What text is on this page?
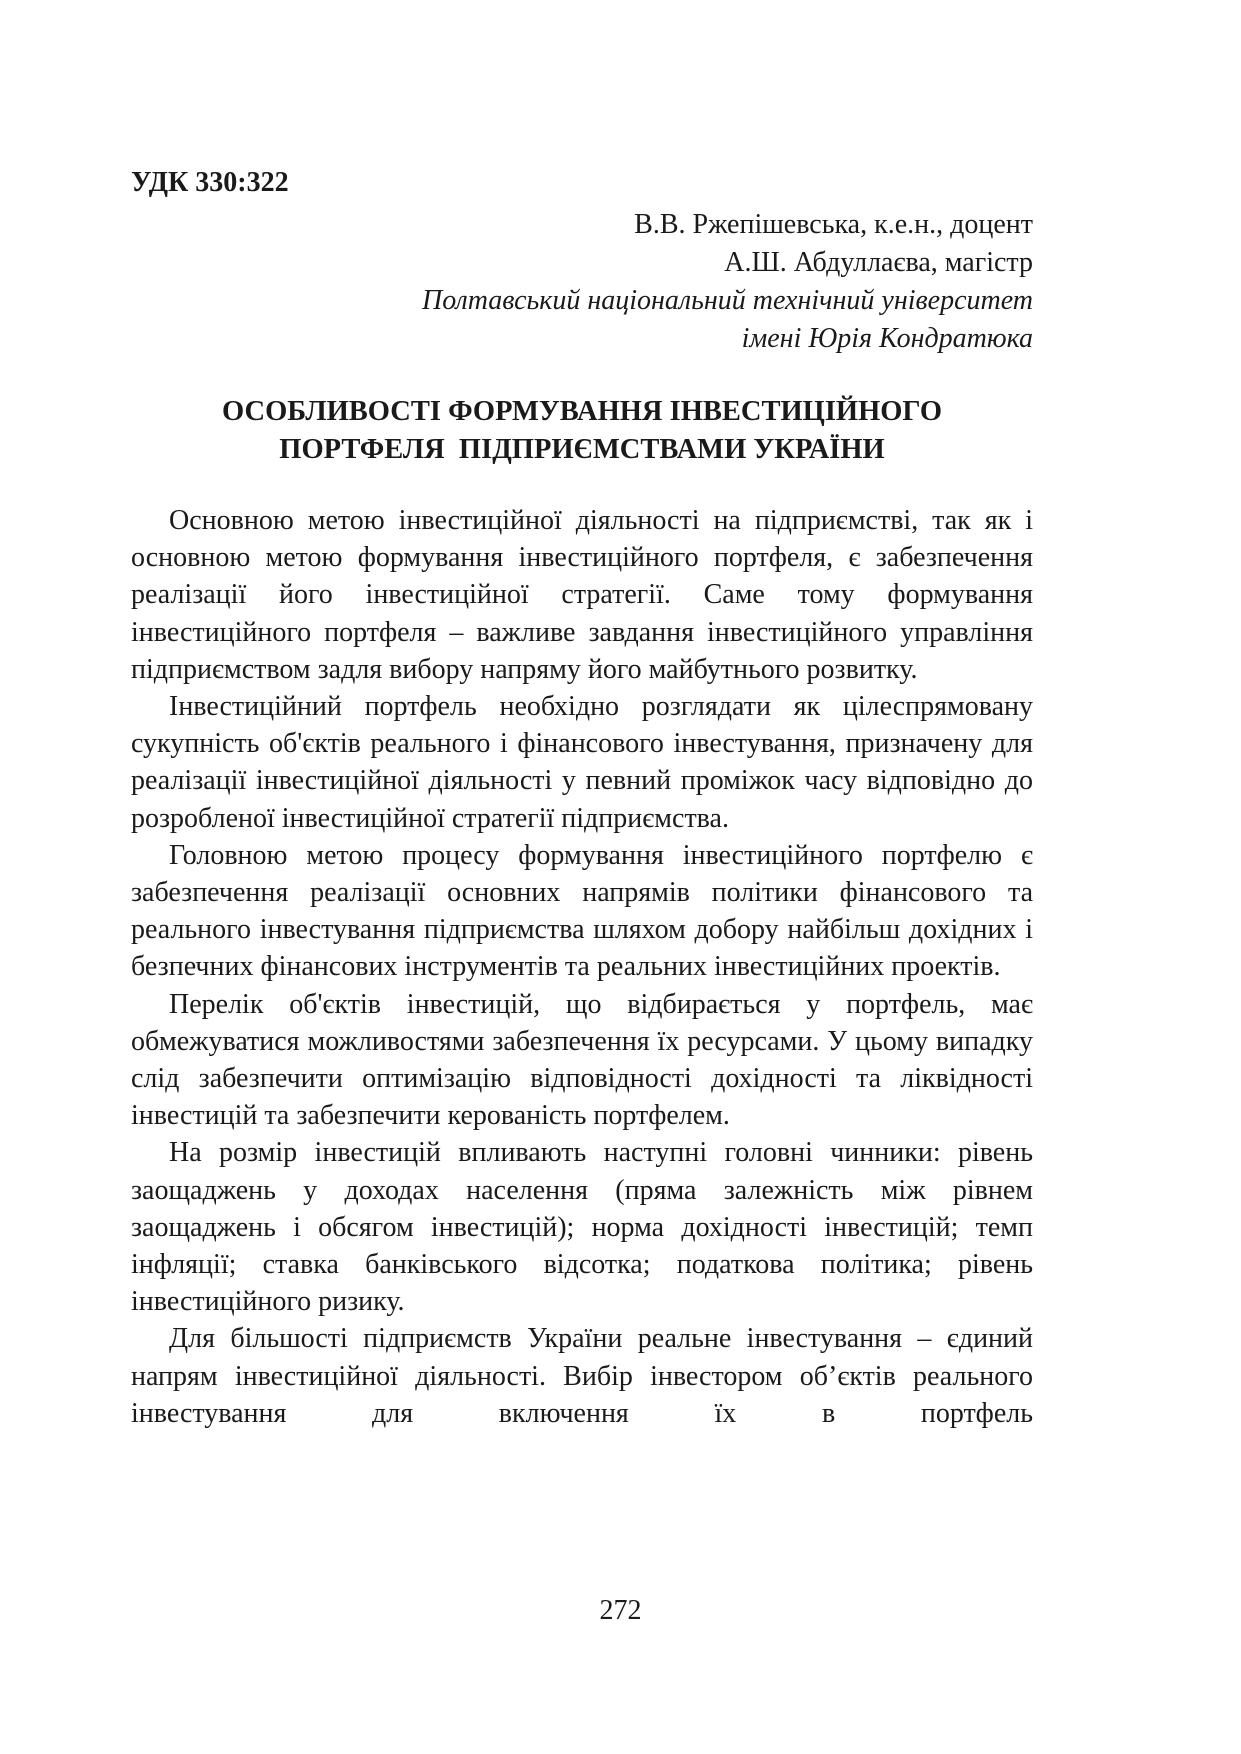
УДК 330:322
В.В. Ржепішевська, к.е.н., доцент
А.Ш. Абдуллаєва, магістр
Полтавський національний технічний університет
імені Юрія Кондратюка
ОСОБЛИВОСТІ ФОРМУВАННЯ ІНВЕСТИЦІЙНОГО
ПОРТФЕЛЯ  ПІДПРИЄМСТВАМИ УКРАЇНИ

Основною метою інвестиційної діяльності на підприємстві, так як і основною метою формування інвестиційного портфеля, є забезпечення реалізації його інвестиційної стратегії. Саме тому формування інвестиційного портфеля – важливе завдання інвестиційного управління підприємством задля вибору напряму його майбутнього розвитку.

Інвестиційний портфель необхідно розглядати як цілеспрямовану сукупність об'єктів реального і фінансового інвестування, призначену для реалізації інвестиційної діяльності у певний проміжок часу відповідно до розробленої інвестиційної стратегії підприємства.

Головною метою процесу формування інвестиційного портфелю є забезпечення реалізації основних напрямів політики фінансового та реального інвестування підприємства шляхом добору найбільш дохідних і безпечних фінансових інструментів та реальних інвестиційних проектів.

Перелік об'єктів інвестицій, що відбирається у портфель, має обмежуватися можливостями забезпечення їх ресурсами. У цьому випадку слід забезпечити оптимізацію відповідності дохідності та ліквідності інвестицій та забезпечити керованість портфелем.

На розмір інвестицій впливають наступні головні чинники: рівень заощаджень у доходах населення (пряма залежність між рівнем заощаджень і обсягом інвестицій); норма дохідності інвестицій; темп інфляції; ставка банківського відсотка; податкова політика; рівень інвестиційного ризику.

Для більшості підприємств України реальне інвестування – єдиний напрям інвестиційної діяльності. Вибір інвестором об’єктів реального інвестування для включення їх в портфель

272
